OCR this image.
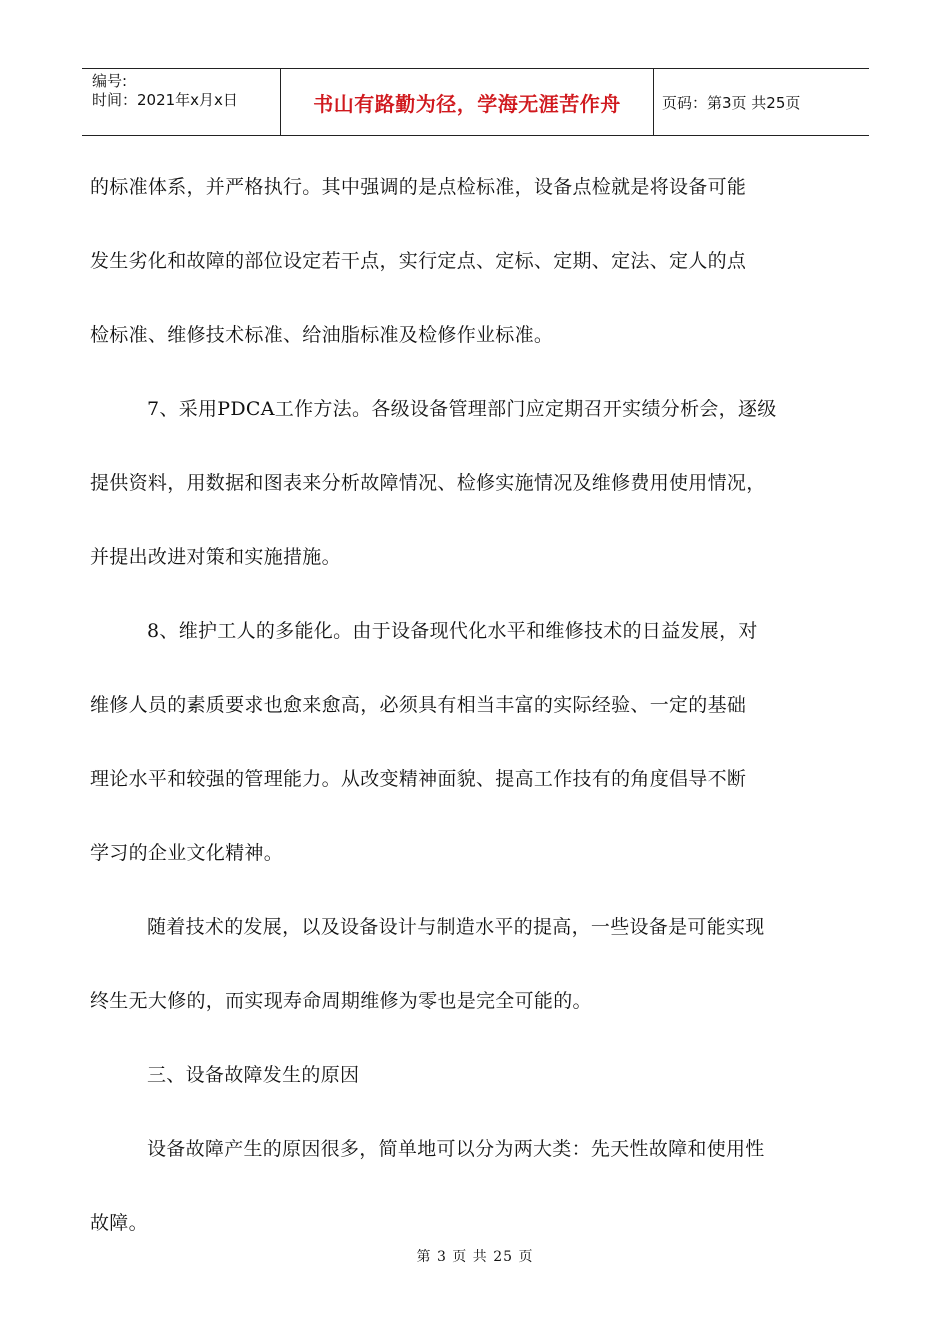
编号:
时间：2021年x月x日	书山有路勤为径，学海无涯苦作舟	页码：第3页 共25页

的标准体系，并严格执行。其中强调的是点检标准，设备点检就是将设备可能
发生劣化和故障的部位设定若干点，实行定点、定标、定期、定法、定人的点
检标准、维修技术标准、给油脂标准及检修作业标准。

7、采用PDCA工作方法。各级设备管理部门应定期召开实绩分析会，逐级
提供资料，用数据和图表来分析故障情况、检修实施情况及维修费用使用情况，
并提出改进对策和实施措施。

8、维护工人的多能化。由于设备现代化水平和维修技术的日益发展，对
维修人员的素质要求也愈来愈高，必须具有相当丰富的实际经验、一定的基础
理论水平和较强的管理能力。从改变精神面貌、提高工作技有的角度倡导不断
学习的企业文化精神。

随着技术的发展，以及设备设计与制造水平的提高，一些设备是可能实现
终生无大修的，而实现寿命周期维修为零也是完全可能的。

三、设备故障发生的原因

设备故障产生的原因很多，简单地可以分为两大类：先天性故障和使用性
故障。

第 3 页 共 25 页
